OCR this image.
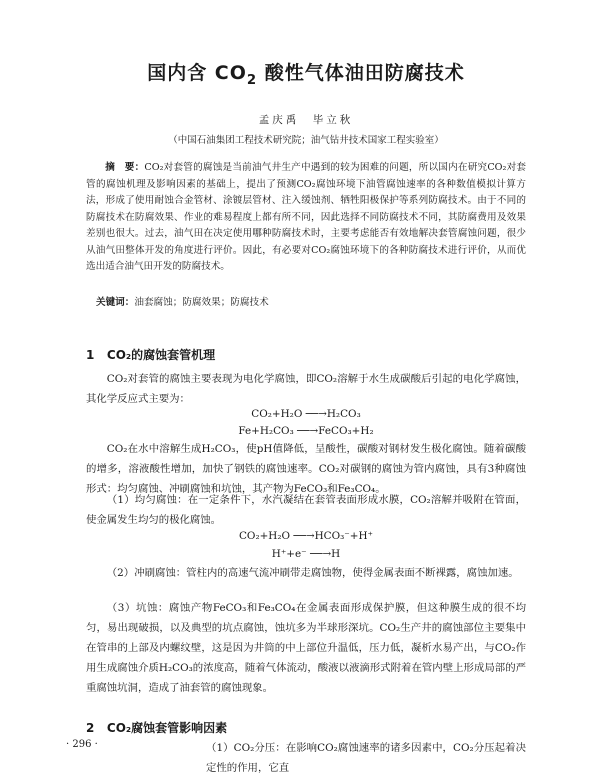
国内含 $CO_2$ 酸性气体油田防腐技术
孟庆禹　毕立秋
（中国石油集团工程技术研究院；油气钻井技术国家工程实验室）
摘　要：CO₂对套管的腐蚀是当前油气井生产中遇到的较为困难的问题，所以国内在研究CO₂对套管的腐蚀机理及影响因素的基础上，提出了预测CO₂腐蚀环境下油管腐蚀速率的各种数值模拟计算方法，形成了使用耐蚀合金管材、涂镀层管材、注入缓蚀剂、牺牲阳极保护等系列防腐技术。由于不同的防腐技术在防腐效果、作业的难易程度上都有所不同，因此选择不同防腐技术不同，其防腐费用及效果差别也很大。过去，油气田在决定使用哪种防腐技术时，主要考虑能否有效地解决套管腐蚀问题，很少从油气田整体开发的角度进行评价。因此，有必要对CO₂腐蚀环境下的各种防腐技术进行评价，从而优选出适合油气田开发的防腐技术。
关键词：油套腐蚀；防腐效果；防腐技术
1 CO₂的腐蚀套管机理
CO₂对套管的腐蚀主要表现为电化学腐蚀，即CO₂溶解于水生成碳酸后引起的电化学腐蚀，其化学反应式主要为：
CO₂+H₂O ──→H₂CO₃
Fe+H₂CO₃ ──→FeCO₃+H₂
CO₂在水中溶解生成H₂CO₃，使pH值降低，呈酸性，碳酸对钢材发生极化腐蚀。随着碳酸的增多，溶液酸性增加，加快了钢铁的腐蚀速率。CO₂对碳钢的腐蚀为管内腐蚀，具有3种腐蚀形式：均匀腐蚀、冲刷腐蚀和坑蚀，其产物为FeCO₃和Fe₃CO₄。
（1）均匀腐蚀：在一定条件下，水汽凝结在套管表面形成水膜，CO₂溶解并吸附在管面，使金属发生均匀的极化腐蚀。
CO₂+H₂O ──→HCO₃⁻+H⁺
H⁺+e⁻ ──→H
（2）冲刷腐蚀：管柱内的高速气流冲刷带走腐蚀物，使得金属表面不断裸露，腐蚀加速。
（3）坑蚀：腐蚀产物FeCO₃和Fe₃CO₄在金属表面形成保护膜，但这种膜生成的很不均匀，易出现破损，以及典型的坑点腐蚀，蚀坑多为半球形深坑。CO₂生产井的腐蚀部位主要集中在管串的上部及内螺纹壁，这是因为井筒的中上部位升温低，压力低，凝析水易产出，与CO₂作用生成腐蚀介质H₂CO₃的浓度高，随着气体流动，酸液以液滴形式附着在管内壁上形成局部的严重腐蚀坑洞，造成了油套管的腐蚀现象。
2 CO₂腐蚀套管影响因素
（1）CO₂分压：在影响CO₂腐蚀速率的诸多因素中，CO₂分压起着决定性的作用，它直
· 296 ·
